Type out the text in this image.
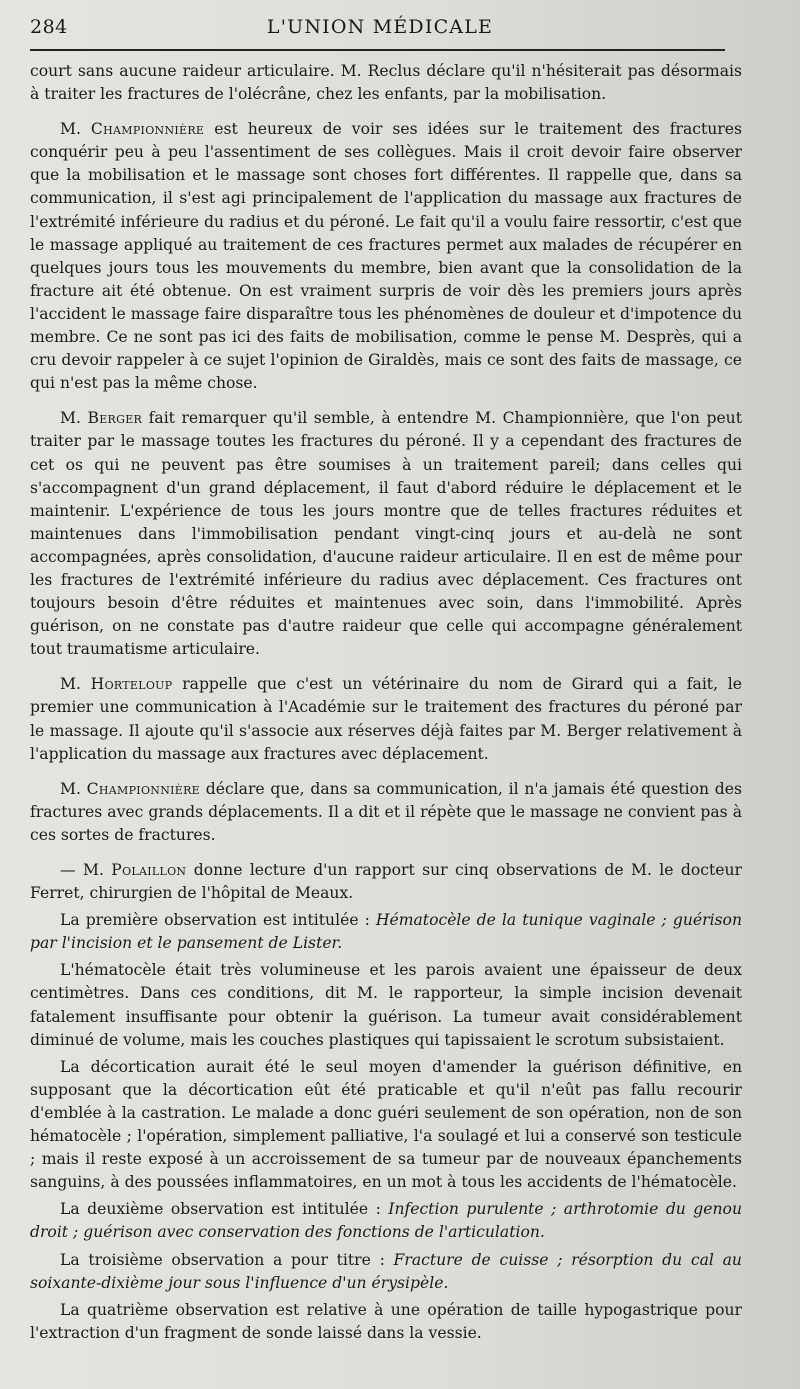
284	L'UNION MÉDICALE

court sans aucune raideur articulaire. M. Reclus déclare qu'il n'hésiterait pas désormais à traiter les fractures de l'olécrâne, chez les enfants, par la mobilisation.

M. Championnière est heureux de voir ses idées sur le traitement des fractures conquérir peu à peu l'assentiment de ses collègues. Mais il croit devoir faire observer que la mobilisation et le massage sont choses fort différentes. Il rappelle que, dans sa communication, il s'est agi principalement de l'application du massage aux fractures de l'extrémité inférieure du radius et du péroné. Le fait qu'il a voulu faire ressortir, c'est que le massage appliqué au traitement de ces fractures permet aux malades de récupérer en quelques jours tous les mouvements du membre, bien avant que la consolidation de la fracture ait été obtenue. On est vraiment surpris de voir dès les premiers jours après l'accident le massage faire disparaître tous les phénomènes de douleur et d'impotence du membre. Ce ne sont pas ici des faits de mobilisation, comme le pense M. Desprès, qui a cru devoir rappeler à ce sujet l'opinion de Giraldès, mais ce sont des faits de massage, ce qui n'est pas la même chose.

M. Berger fait remarquer qu'il semble, à entendre M. Championnière, que l'on peut traiter par le massage toutes les fractures du péroné. Il y a cependant des fractures de cet os qui ne peuvent pas être soumises à un traitement pareil; dans celles qui s'accompagnent d'un grand déplacement, il faut d'abord réduire le déplacement et le maintenir. L'expérience de tous les jours montre que de telles fractures réduites et maintenues dans l'immobilisation pendant vingt-cinq jours et au-delà ne sont accompagnées, après consolidation, d'aucune raideur articulaire. Il en est de même pour les fractures de l'extrémité inférieure du radius avec déplacement. Ces fractures ont toujours besoin d'être réduites et maintenues avec soin, dans l'immobilité. Après guérison, on ne constate pas d'autre raideur que celle qui accompagne généralement tout traumatisme articulaire.

M. Horteloup rappelle que c'est un vétérinaire du nom de Girard qui a fait, le premier une communication à l'Académie sur le traitement des fractures du péroné par le massage. Il ajoute qu'il s'associe aux réserves déjà faites par M. Berger relativement à l'application du massage aux fractures avec déplacement.

M. Championnière déclare que, dans sa communication, il n'a jamais été question des fractures avec grands déplacements. Il a dit et il répète que le massage ne convient pas à ces sortes de fractures.

— M. Polaillon donne lecture d'un rapport sur cinq observations de M. le docteur Ferret, chirurgien de l'hôpital de Meaux.

La première observation est intitulée : Hématocèle de la tunique vaginale ; guérison par l'incision et le pansement de Lister.

L'hématocèle était très volumineuse et les parois avaient une épaisseur de deux centimètres. Dans ces conditions, dit M. le rapporteur, la simple incision devenait fatalement insuffisante pour obtenir la guérison. La tumeur avait considérablement diminué de volume, mais les couches plastiques qui tapissaient le scrotum subsistaient.

La décortication aurait été le seul moyen d'amender la guérison définitive, en supposant que la décortication eût été praticable et qu'il n'eût pas fallu recourir d'emblée à la castration. Le malade a donc guéri seulement de son opération, non de son hématocèle ; l'opération, simplement palliative, l'a soulagé et lui a conservé son testicule ; mais il reste exposé à un accroissement de sa tumeur par de nouveaux épanchements sanguins, à des poussées inflammatoires, en un mot à tous les accidents de l'hématocèle.

La deuxième observation est intitulée : Infection purulente ; arthrotomie du genou droit ; guérison avec conservation des fonctions de l'articulation.

La troisième observation a pour titre : Fracture de cuisse ; résorption du cal au soixante-dixième jour sous l'influence d'un érysipèle.

La quatrième observation est relative à une opération de taille hypogastrique pour l'extraction d'un fragment de sonde laissé dans la vessie.
